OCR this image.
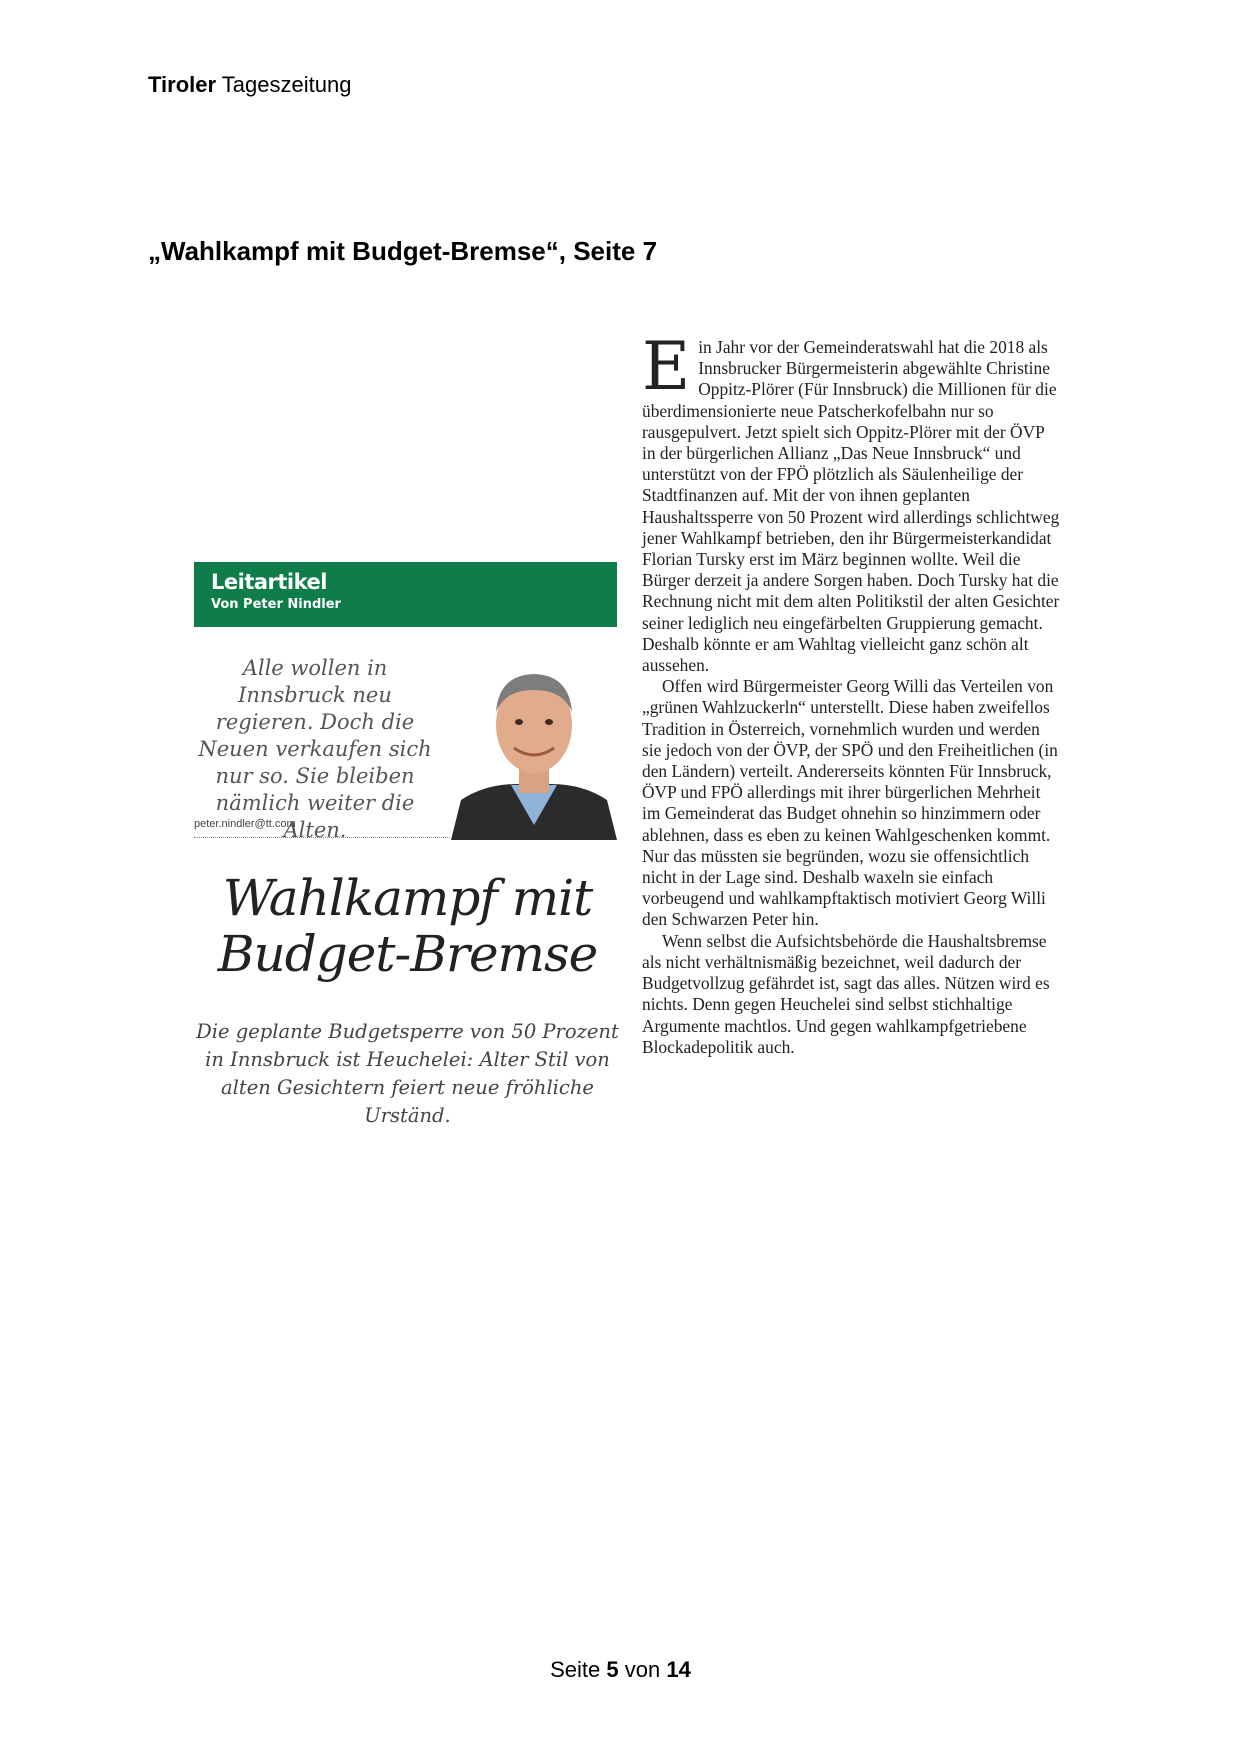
Tiroler Tageszeitung
„Wahlkampf mit Budget-Bremse“, Seite 7
Leitartikel
Von Peter Nindler
Alle wollen in Innsbruck neu regieren. Doch die Neuen verkaufen sich nur so. Sie bleiben nämlich weiter die Alten.
peter.nindler@tt.com
Wahlkampf mit Budget-Bremse
Die geplante Budgetsperre von 50 Prozent in Innsbruck ist Heuchelei: Alter Stil von alten Gesichtern feiert neue fröhliche Urständ.

Ein Jahr vor der Gemeinderatswahl hat die 2018 als Innsbrucker Bürgermeisterin abgewählte Christine Oppitz-Plörer (Für Innsbruck) die Millionen für die überdimensionierte neue Patscherkofelbahn nur so rausgepulvert. Jetzt spielt sich Oppitz-Plörer mit der ÖVP in der bürgerlichen Allianz „Das Neue Innsbruck“ und unterstützt von der FPÖ plötzlich als Säulenheilige der Stadtfinanzen auf. Mit der von ihnen geplanten Haushaltssperre von 50 Prozent wird allerdings schlichtweg jener Wahlkampf betrieben, den ihr Bürgermeisterkandidat Florian Tursky erst im März beginnen wollte. Weil die Bürger derzeit ja andere Sorgen haben. Doch Tursky hat die Rechnung nicht mit dem alten Politikstil der alten Gesichter seiner lediglich neu eingefärbelten Gruppierung gemacht. Deshalb könnte er am Wahltag vielleicht ganz schön alt aussehen.

Offen wird Bürgermeister Georg Willi das Verteilen von „grünen Wahlzuckerln“ unterstellt. Diese haben zweifellos Tradition in Österreich, vornehmlich wurden und werden sie jedoch von der ÖVP, der SPÖ und den Freiheitlichen (in den Ländern) verteilt. Andererseits könnten Für Innsbruck, ÖVP und FPÖ allerdings mit ihrer bürgerlichen Mehrheit im Gemeinderat das Budget ohnehin so hinzimmern oder ablehnen, dass es eben zu keinen Wahlgeschenken kommt. Nur das müssten sie begründen, wozu sie offensichtlich nicht in der Lage sind. Deshalb waxeln sie einfach vorbeugend und wahlkampftaktisch motiviert Georg Willi den Schwarzen Peter hin.

Wenn selbst die Aufsichtsbehörde die Haushaltsbremse als nicht verhältnismäßig bezeichnet, weil dadurch der Budgetvollzug gefährdet ist, sagt das alles. Nützen wird es nichts. Denn gegen Heuchelei sind selbst stichhaltige Argumente machtlos. Und gegen wahlkampfgetriebene Blockadepolitik auch.

Seite 5 von 14
